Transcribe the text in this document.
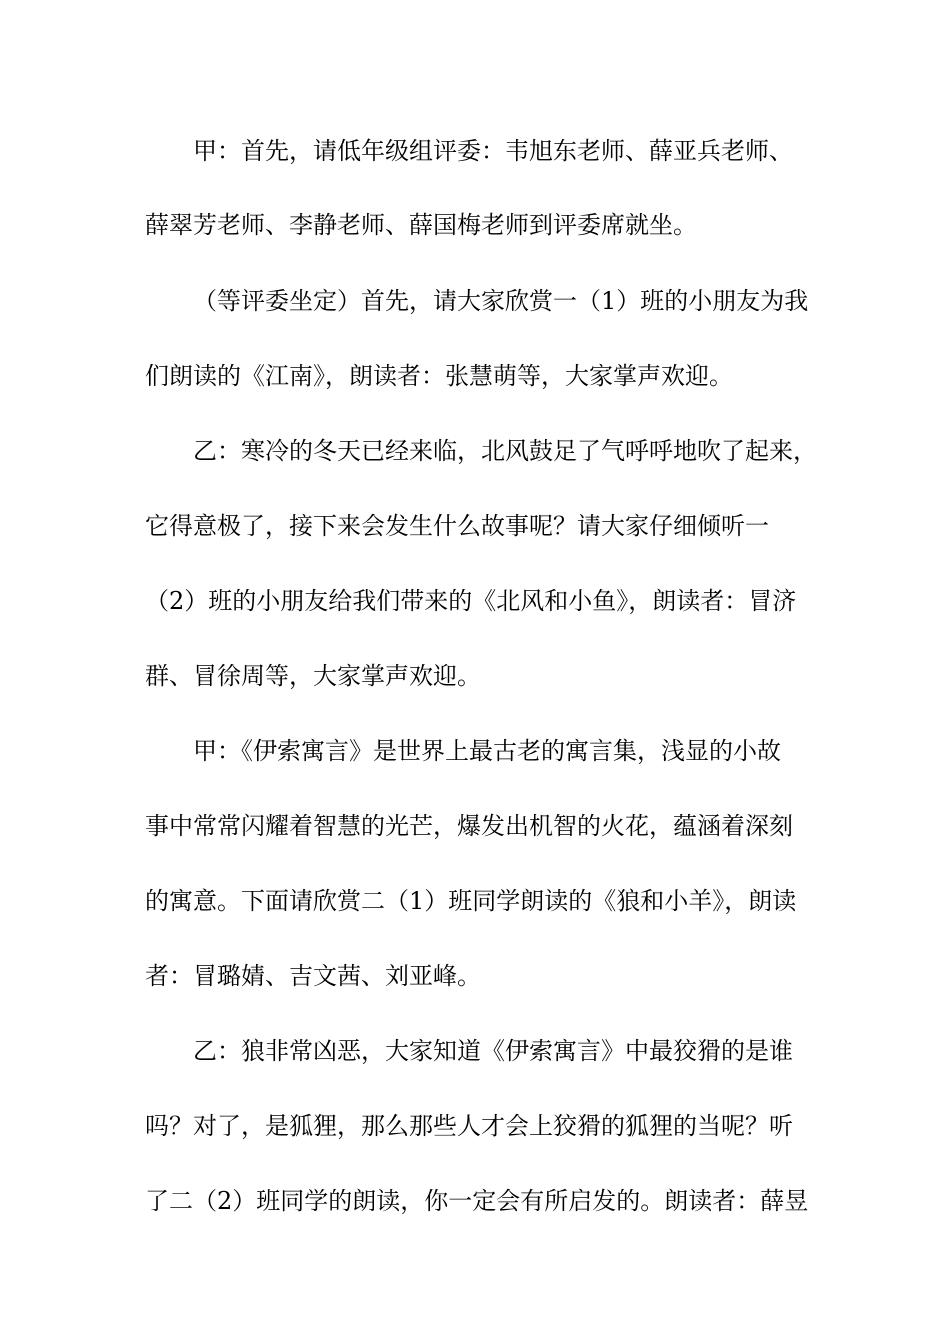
甲：首先，请低年级组评委：韦旭东老师、薛亚兵老师、

薛翠芳老师、李静老师、薛国梅老师到评委席就坐。

（等评委坐定）首先，请大家欣赏一（1）班的小朋友为我

们朗读的《江南》，朗读者：张慧萌等，大家掌声欢迎。

乙：寒冷的冬天已经来临，北风鼓足了气呼呼地吹了起来，

它得意极了，接下来会发生什么故事呢？请大家仔细倾听一

（2）班的小朋友给我们带来的《北风和小鱼》，朗读者：冒济

群、冒徐周等，大家掌声欢迎。

甲：《伊索寓言》是世界上最古老的寓言集，浅显的小故

事中常常闪耀着智慧的光芒，爆发出机智的火花，蕴涵着深刻

的寓意。下面请欣赏二（1）班同学朗读的《狼和小羊》，朗读

者：冒璐婧、吉文茜、刘亚峰。

乙：狼非常凶恶，大家知道《伊索寓言》中最狡猾的是谁

吗？对了，是狐狸，那么那些人才会上狡猾的狐狸的当呢？听

了二（2）班同学的朗读，你一定会有所启发的。朗读者：薛昱
